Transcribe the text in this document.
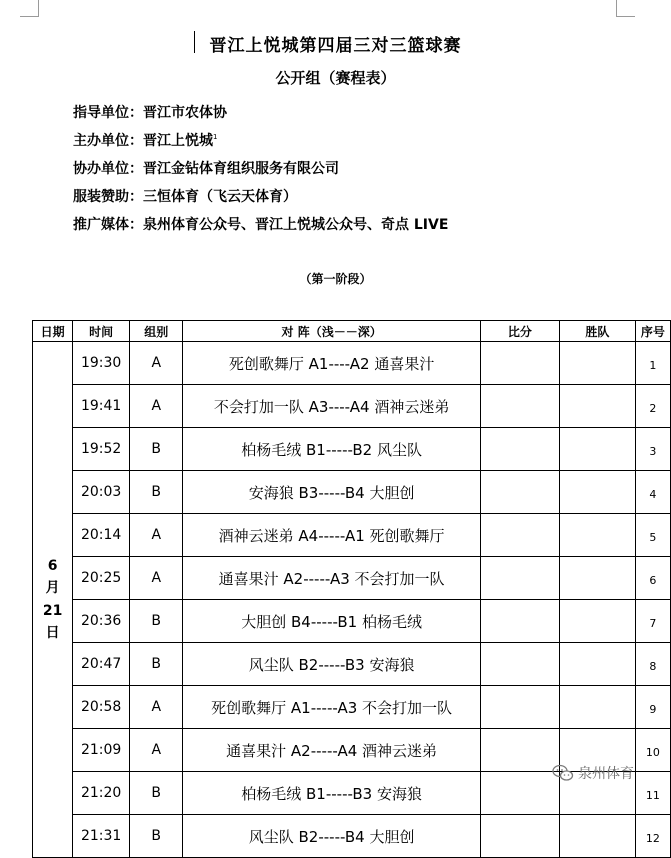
晋江上悦城第四届三对三篮球赛
公开组（赛程表）
指导单位：晋江市农体协
主办单位：晋江上悦城$^1$
协办单位：晋江金钻体育组织服务有限公司
服装赞助：三恒体育（飞云天体育）
推广媒体：泉州体育公众号、晋江上悦城公众号、奇点 LIVE
（第一阶段）
日期	时间	组别	对 阵（浅－－深）	比分	胜队	序号

6
月
21
日	19:30	A	死创歌舞厅 A1----A2 通喜果汁			1
	19:41	A	不会打加一队 A3----A4 酒神云迷弟			2
	19:52	B	柏杨毛绒 B1-----B2 风尘队			3
	20:03	B	安海狼 B3-----B4 大胆创			4
	20:14	A	酒神云迷弟 A4-----A1 死创歌舞厅			5
	20:25	A	通喜果汁 A2-----A3 不会打加一队			6
	20:36	B	大胆创 B4-----B1 柏杨毛绒			7
	20:47	B	风尘队 B2-----B3 安海狼			8
	20:58	A	死创歌舞厅 A1-----A3 不会打加一队			9
	21:09	A	通喜果汁 A2-----A4 酒神云迷弟			10
	21:20	B	柏杨毛绒 B1-----B3 安海狼			11
	21:31	B	风尘队 B2-----B4 大胆创			12
泉州体育
